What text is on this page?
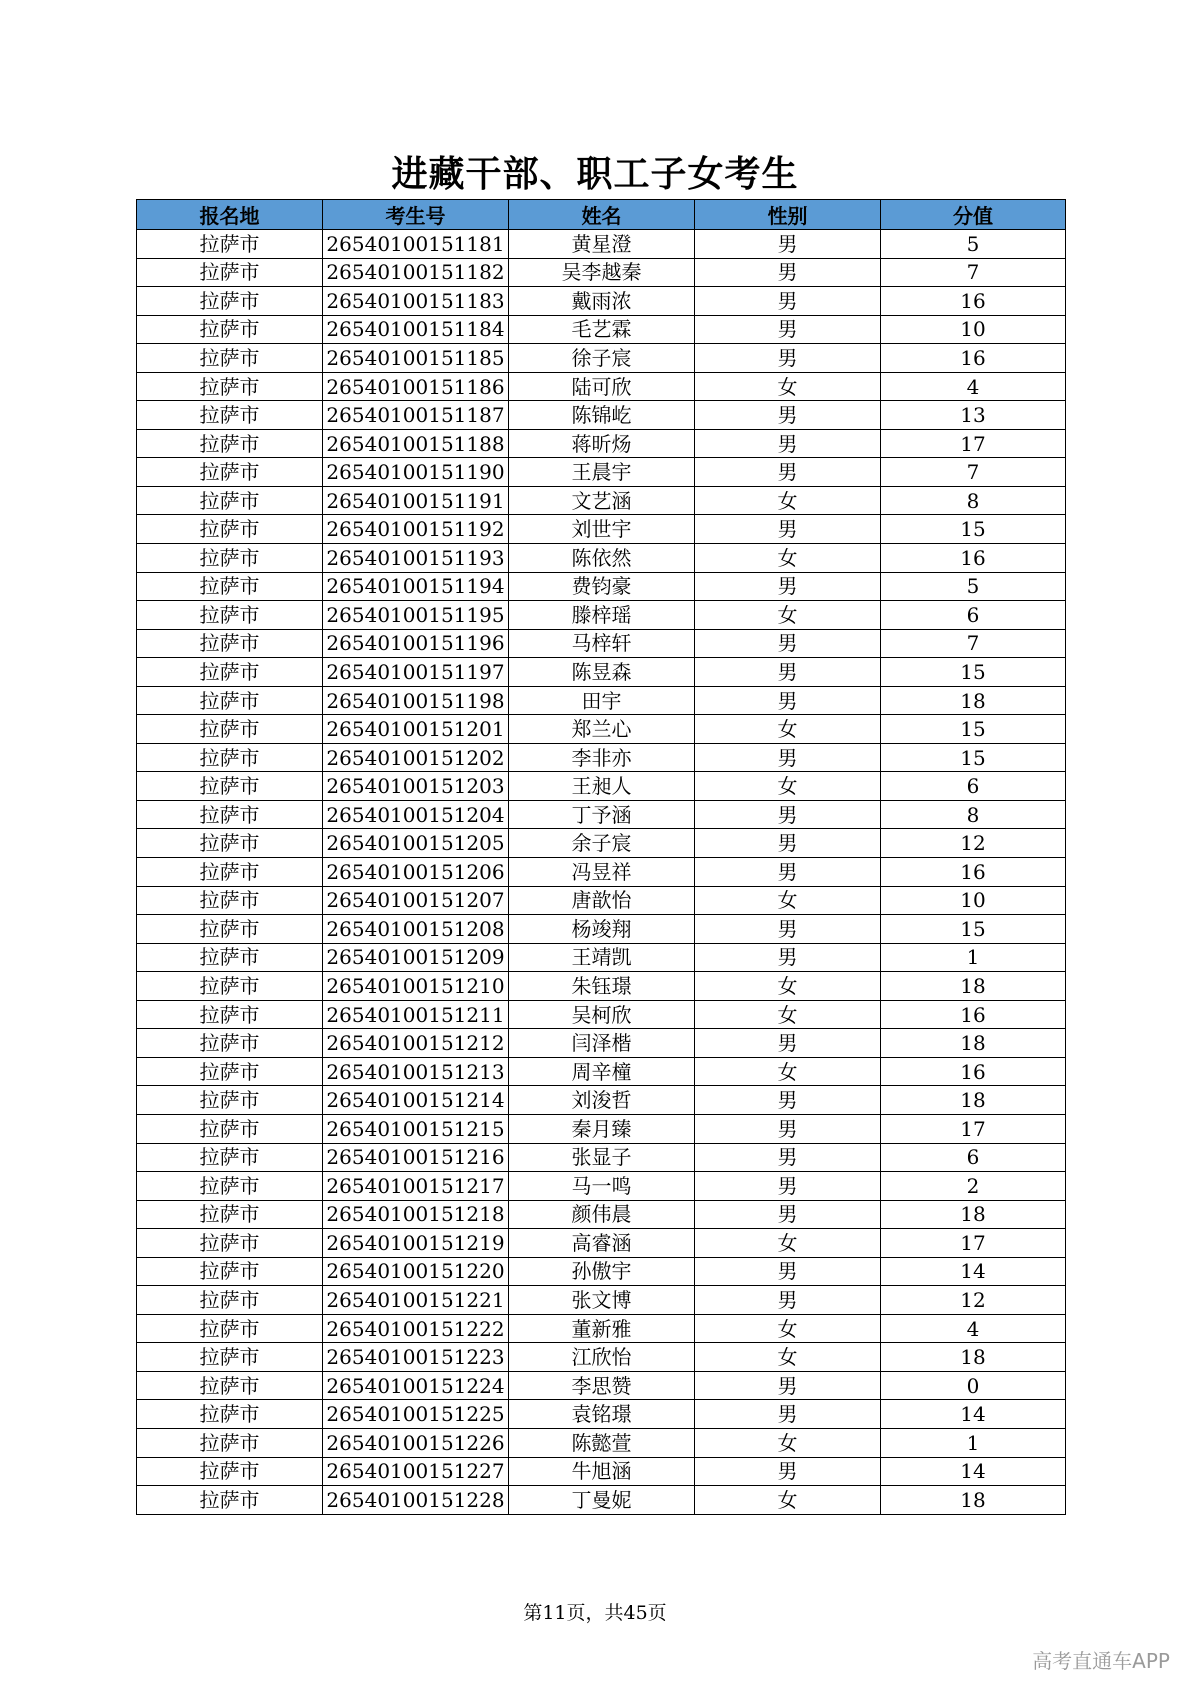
进藏干部、职工子女考生
报名地	考生号	姓名	性别	分值
拉萨市	26540100151181	黄星澄	男	5
拉萨市	26540100151182	吴李越秦	男	7
拉萨市	26540100151183	戴雨浓	男	16
拉萨市	26540100151184	毛艺霖	男	10
拉萨市	26540100151185	徐子宸	男	16
拉萨市	26540100151186	陆可欣	女	4
拉萨市	26540100151187	陈锦屹	男	13
拉萨市	26540100151188	蒋昕炀	男	17
拉萨市	26540100151190	王晨宇	男	7
拉萨市	26540100151191	文艺涵	女	8
拉萨市	26540100151192	刘世宇	男	15
拉萨市	26540100151193	陈依然	女	16
拉萨市	26540100151194	费钧豪	男	5
拉萨市	26540100151195	滕梓瑶	女	6
拉萨市	26540100151196	马梓轩	男	7
拉萨市	26540100151197	陈昱森	男	15
拉萨市	26540100151198	田宇	男	18
拉萨市	26540100151201	郑兰心	女	15
拉萨市	26540100151202	李非亦	男	15
拉萨市	26540100151203	王昶人	女	6
拉萨市	26540100151204	丁予涵	男	8
拉萨市	26540100151205	余子宸	男	12
拉萨市	26540100151206	冯昱祥	男	16
拉萨市	26540100151207	唐歆怡	女	10
拉萨市	26540100151208	杨竣翔	男	15
拉萨市	26540100151209	王靖凯	男	1
拉萨市	26540100151210	朱钰璟	女	18
拉萨市	26540100151211	吴柯欣	女	16
拉萨市	26540100151212	闫泽楷	男	18
拉萨市	26540100151213	周辛橦	女	16
拉萨市	26540100151214	刘浚哲	男	18
拉萨市	26540100151215	秦月臻	男	17
拉萨市	26540100151216	张显子	男	6
拉萨市	26540100151217	马一鸣	男	2
拉萨市	26540100151218	颜伟晨	男	18
拉萨市	26540100151219	高睿涵	女	17
拉萨市	26540100151220	孙傲宇	男	14
拉萨市	26540100151221	张文博	男	12
拉萨市	26540100151222	董新雅	女	4
拉萨市	26540100151223	江欣怡	女	18
拉萨市	26540100151224	李思赞	男	0
拉萨市	26540100151225	袁铭璟	男	14
拉萨市	26540100151226	陈懿萱	女	1
拉萨市	26540100151227	牛旭涵	男	14
拉萨市	26540100151228	丁曼妮	女	18
第11页，共45页
高考直通车APP
